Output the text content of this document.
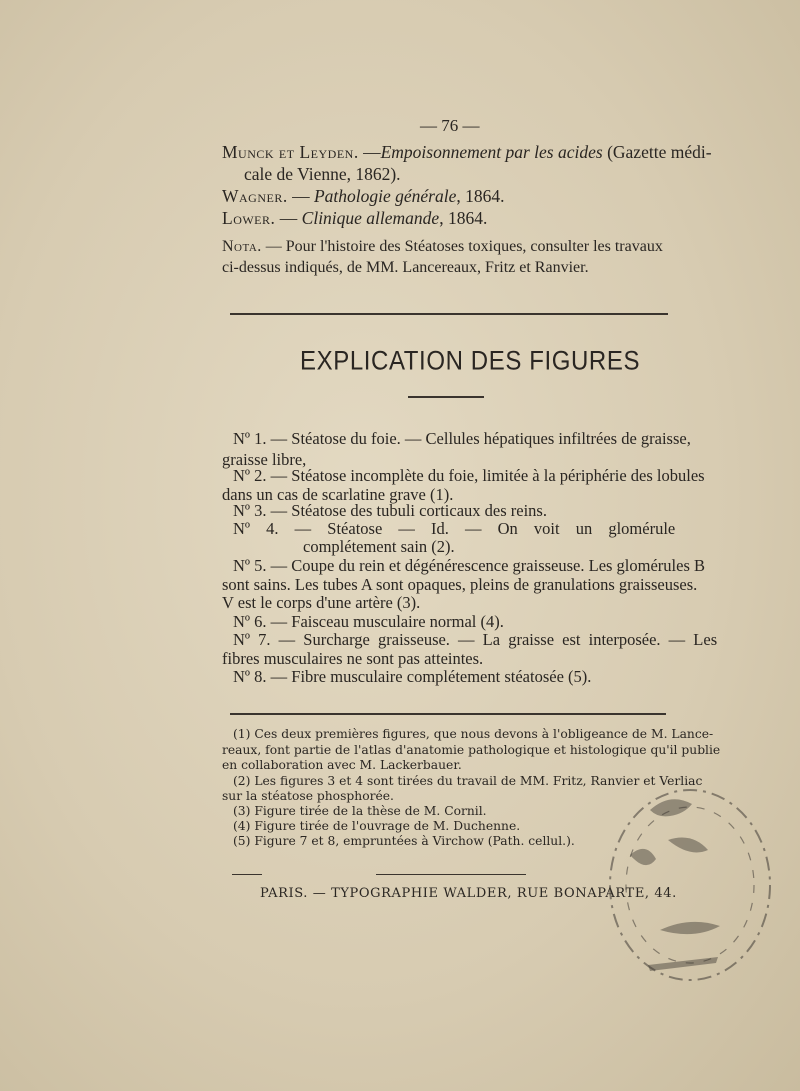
— 76 —
Munck et Leyden. —Empoisonnement par les acides (Gazette médi-
cale de Vienne, 1862).
Wagner. — Pathologie générale, 1864.
Lower. — Clinique allemande, 1864.
Nota. — Pour l'histoire des Stéatoses toxiques, consulter les travaux
ci-dessus indiqués, de MM. Lancereaux, Fritz et Ranvier.
EXPLICATION DES FIGURES
Nº 1. — Stéatose du foie. — Cellules hépatiques infiltrées de graisse,
graisse libre,
Nº 2. — Stéatose incomplète du foie, limitée à la périphérie des lobules
dans un cas de scarlatine grave (1).
Nº 3. — Stéatose des tubuli corticaux des reins.
Nº 4. — Stéatose — Id. — On voit un glomérule
complétement sain (2).
Nº 5. — Coupe du rein et dégénérescence graisseuse. Les glomérules B
sont sains. Les tubes A sont opaques, pleins de granulations graisseuses.
V est le corps d'une artère (3).
Nº 6. — Faisceau musculaire normal (4).
Nº 7. — Surcharge graisseuse. — La graisse est interposée. — Les
fibres musculaires ne sont pas atteintes.
Nº 8. — Fibre musculaire complétement stéatosée (5).
(1) Ces deux premières figures, que nous devons à l'obligeance de M. Lance-
reaux, font partie de l'atlas d'anatomie pathologique et histologique qu'il publie
en collaboration avec M. Lackerbauer.
(2) Les figures 3 et 4 sont tirées du travail de MM. Fritz, Ranvier et Verliac
sur la stéatose phosphorée.
(3) Figure tirée de la thèse de M. Cornil.
(4) Figure tirée de l'ouvrage de M. Duchenne.
(5) Figure 7 et 8, empruntées à Virchow (Path. cellul.).
PARIS. — TYPOGRAPHIE WALDER, RUE BONAPARTE, 44.
